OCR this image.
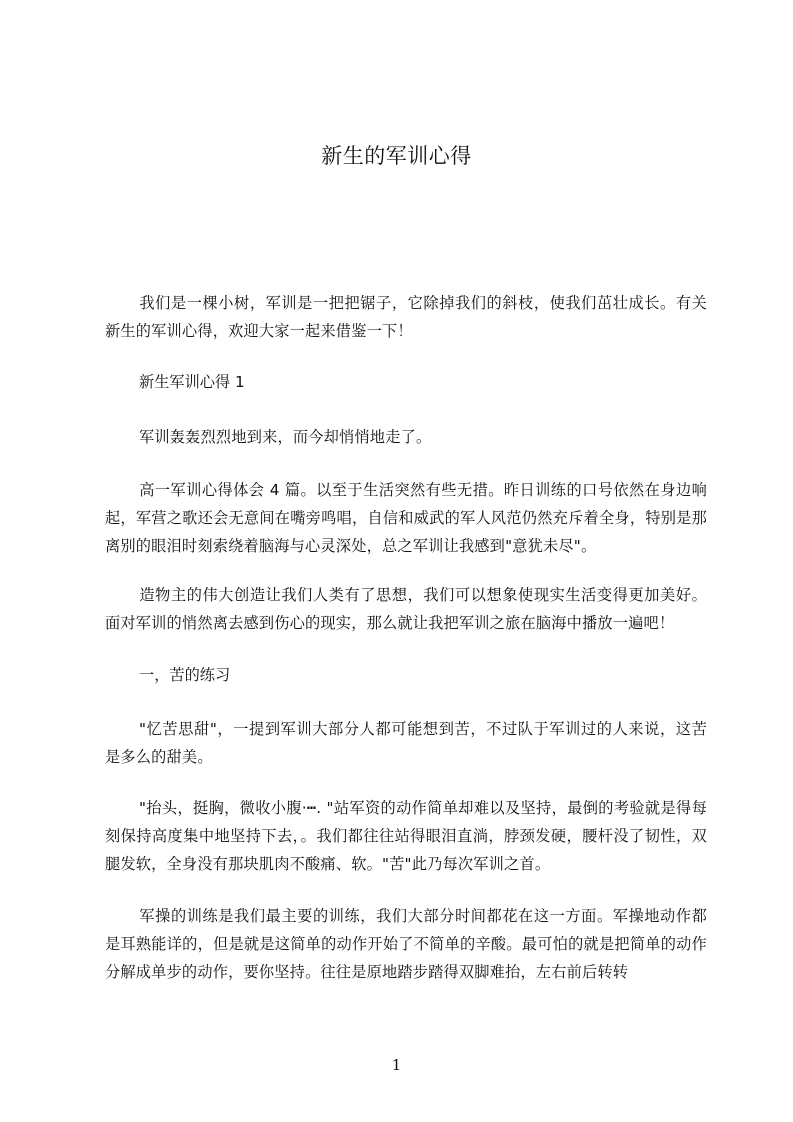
新生的军训心得
我们是一棵小树，军训是一把把锯子，它除掉我们的斜枝，使我们茁壮成长。有关新生的军训心得，欢迎大家一起来借鉴一下！
新生军训心得 1
军训轰轰烈烈地到来，而今却悄悄地走了。
高一军训心得体会 4 篇。以至于生活突然有些无措。昨日训练的口号依然在身边响起，军营之歌还会无意间在嘴旁鸣唱，自信和威武的军人风范仍然充斥着全身，特别是那离别的眼泪时刻索绕着脑海与心灵深处，总之军训让我感到"意犹未尽"。
造物主的伟大创造让我们人类有了思想，我们可以想象使现实生活变得更加美好。面对军训的悄然离去感到伤心的现实，那么就让我把军训之旅在脑海中播放一遍吧！
一，苦的练习
"忆苦思甜"，一提到军训大部分人都可能想到苦，不过队于军训过的人来说，这苦是多么的甜美。
"抬头，挺胸，微收小腹·┅. "站军资的动作简单却难以及坚持，最倒的考验就是得每刻保持高度集中地坚持下去，。我们都往往站得眼泪直淌，脖颈发硬，腰杆没了韧性，双腿发软，全身没有那块肌肉不酸痛、软。"苦"此乃每次军训之首。
军操的训练是我们最主要的训练，我们大部分时间都花在这一方面。军操地动作都是耳熟能详的，但是就是这简单的动作开始了不简单的辛酸。最可怕的就是把简单的动作分解成单步的动作，要你坚持。往往是原地踏步踏得双脚难抬，左右前后转转
1
